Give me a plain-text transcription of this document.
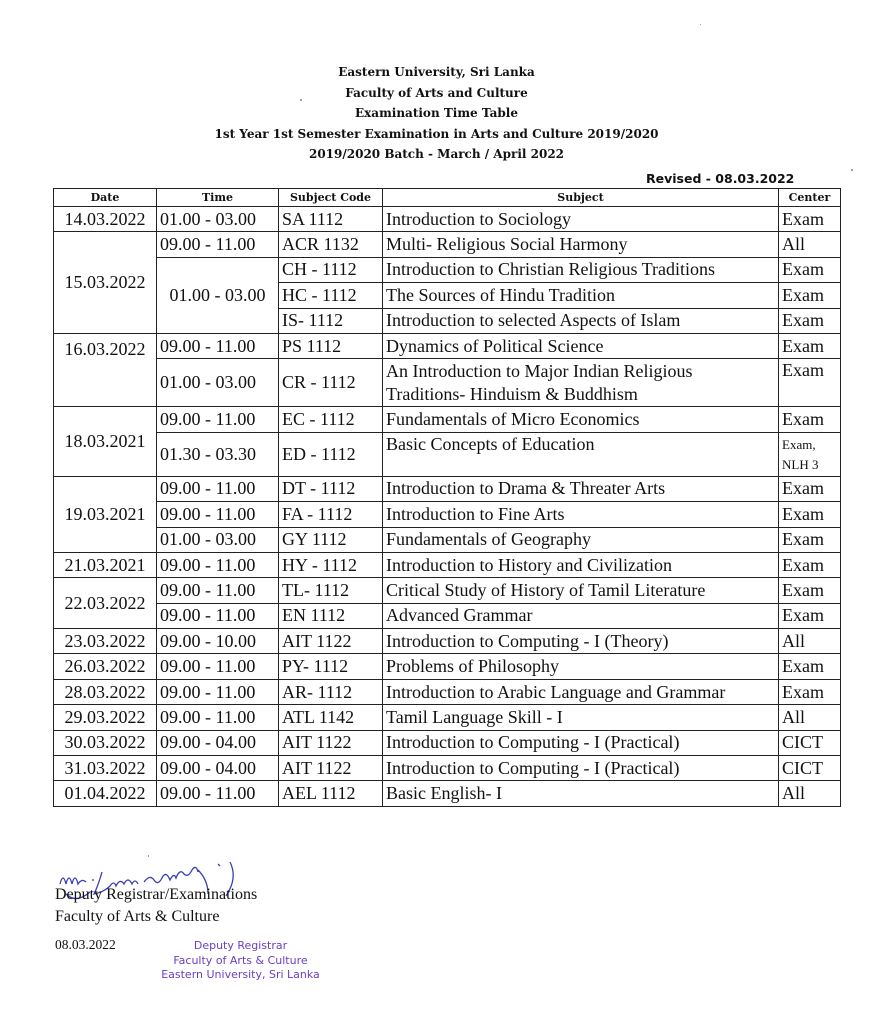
Eastern University, Sri Lanka
Faculty of Arts and Culture
Examination Time Table
1st Year 1st Semester Examination in Arts and Culture 2019/2020
2019/2020 Batch - March / April 2022
Revised - 08.03.2022
Date	Time	Subject Code	Subject	Center
14.03.2022	01.00 - 03.00	SA 1112	Introduction to Sociology	Exam
15.03.2022	09.00 - 11.00	ACR 1132	Multi- Religious Social Harmony	All
	01.00 - 03.00	CH - 1112	Introduction to Christian Religious Traditions	Exam
		HC - 1112	The Sources of Hindu Tradition	Exam
		IS- 1112	Introduction to selected Aspects of Islam	Exam
16.03.2022	09.00 - 11.00	PS 1112	Dynamics of Political Science	Exam
	01.00 - 03.00	CR - 1112	An Introduction to Major Indian Religious
Traditions- Hinduism & Buddhism	Exam
18.03.2021	09.00 - 11.00	EC - 1112	Fundamentals of Micro Economics	Exam
	01.30 - 03.30	ED - 1112	Basic Concepts of Education	Exam,
NLH 3

19.03.2021	09.00 - 11.00	DT - 1112	Introduction to Drama & Threater Arts	Exam
	09.00 - 11.00	FA - 1112	Introduction to Fine Arts	Exam
	01.00 - 03.00	GY 1112	Fundamentals of Geography	Exam
21.03.2021	09.00 - 11.00	HY - 1112	Introduction to History and Civilization	Exam
22.03.2022	09.00 - 11.00	TL- 1112	Critical Study of History of Tamil Literature	Exam
	09.00 - 11.00	EN 1112	Advanced Grammar	Exam
23.03.2022	09.00 - 10.00	AIT 1122	Introduction to Computing - I (Theory)	All
26.03.2022	09.00 - 11.00	PY- 1112	Problems of Philosophy	Exam
28.03.2022	09.00 - 11.00	AR- 1112	Introduction to Arabic Language and Grammar	Exam
29.03.2022	09.00 - 11.00	ATL 1142	Tamil Language Skill - I	All
30.03.2022	09.00 - 04.00	AIT 1122	Introduction to Computing - I (Practical)	CICT
31.03.2022	09.00 - 04.00	AIT 1122	Introduction to Computing - I (Practical)	CICT
01.04.2022	09.00 - 11.00	AEL 1112	Basic English- I	All
Deputy Registrar/Examinations
Faculty of Arts & Culture
08.03.2022	Deputy Registrar
Faculty of Arts & Culture
Eastern University, Sri Lanka
